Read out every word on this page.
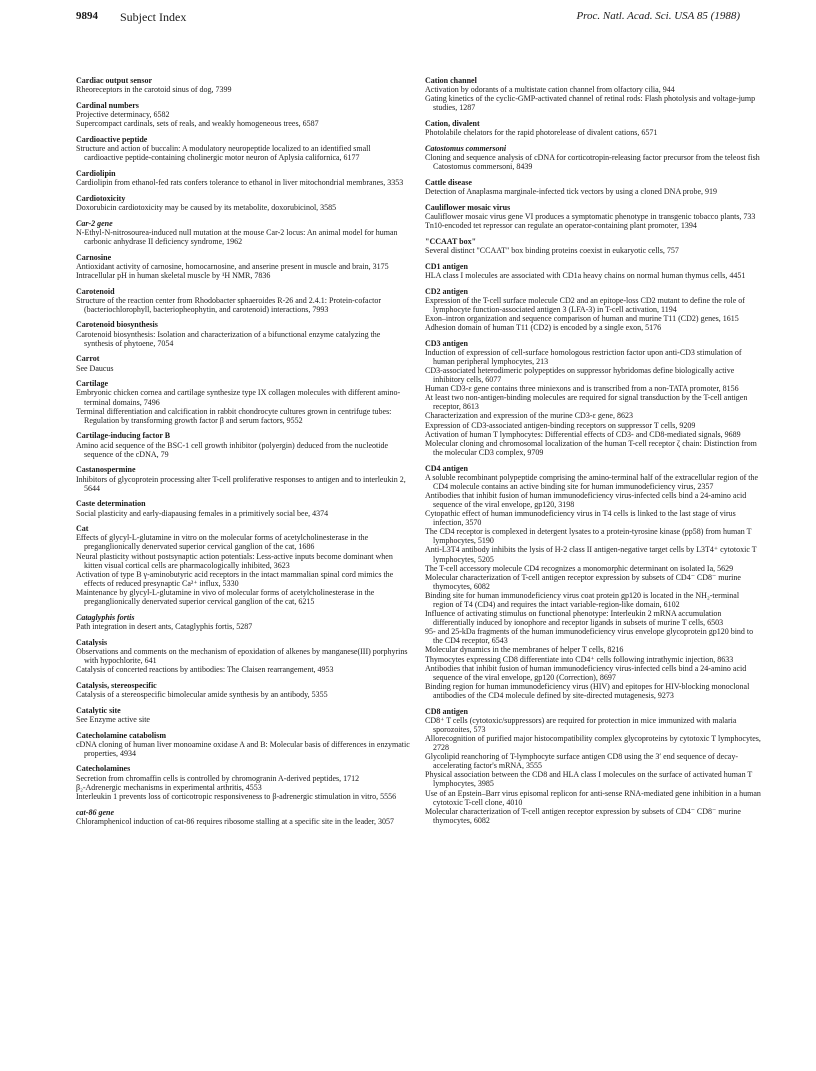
9894 Subject Index	Proc. Natl. Acad. Sci. USA 85 (1988)
Cardiac output sensor
Rheoreceptors in the carotoid sinus of dog, 7399
Cardinal numbers
Projective determinacy, 6582
Supercompact cardinals, sets of reals, and weakly homogeneous trees, 6587
Cardioactive peptide
Structure and action of buccalin: A modulatory neuropeptide localized to an identified small cardioactive peptide-containing cholinergic motor neuron of Aplysia californica, 6177
Cardiolipin
Cardiolipin from ethanol-fed rats confers tolerance to ethanol in liver mitochondrial membranes, 3353
Cardiotoxicity
Doxorubicin cardiotoxicity may be caused by its metabolite, doxorubicinol, 3585
Car-2 gene
N-Ethyl-N-nitrosourea-induced null mutation at the mouse Car-2 locus: An animal model for human carbonic anhydrase II deficiency syndrome, 1962
Carnosine
Antioxidant activity of carnosine, homocarnosine, and anserine present in muscle and brain, 3175
Intracellular pH in human skeletal muscle by ¹H NMR, 7836
Carotenoid
Structure of the reaction center from Rhodobacter sphaeroides R-26 and 2.4.1: Protein-cofactor (bacteriochlorophyll, bacteriopheophytin, and carotenoid) interactions, 7993
Carotenoid biosynthesis
Carotenoid biosynthesis: Isolation and characterization of a bifunctional enzyme catalyzing the synthesis of phytoene, 7054
Carrot
See Daucus
Cartilage
Embryonic chicken cornea and cartilage synthesize type IX collagen molecules with different amino-terminal domains, 7496
Terminal differentiation and calcification in rabbit chondrocyte cultures grown in centrifuge tubes: Regulation by transforming growth factor β and serum factors, 9552
Cartilage-inducing factor B
Amino acid sequence of the BSC-1 cell growth inhibitor (polyergin) deduced from the nucleotide sequence of the cDNA, 79
Castanospermine
Inhibitors of glycoprotein processing alter T-cell proliferative responses to antigen and to interleukin 2, 5644
Caste determination
Social plasticity and early-diapausing females in a primitively social bee, 4374
Cat
Effects of glycyl-L-glutamine in vitro on the molecular forms of acetylcholinesterase in the preganglionically denervated superior cervical ganglion of the cat, 1686
Neural plasticity without postsynaptic action potentials: Less-active inputs become dominant when kitten visual cortical cells are pharmacologically inhibited, 3623
Activation of type B γ-aminobutyric acid receptors in the intact mammalian spinal cord mimics the effects of reduced presynaptic Ca²⁺ influx, 5330
Maintenance by glycyl-L-glutamine in vivo of molecular forms of acetylcholinesterase in the preganglionically denervated superior cervical ganglion of the cat, 6215
Cataglyphis fortis
Path integration in desert ants, Cataglyphis fortis, 5287
Catalysis
Observations and comments on the mechanism of epoxidation of alkenes by manganese(III) porphyrins with hypochlorite, 641
Catalysis of concerted reactions by antibodies: The Claisen rearrangement, 4953
Catalysis, stereospecific
Catalysis of a stereospecific bimolecular amide synthesis by an antibody, 5355
Catalytic site
See Enzyme active site
Catecholamine catabolism
cDNA cloning of human liver monoamine oxidase A and B: Molecular basis of differences in enzymatic properties, 4934
Catecholamines
Secretion from chromaffin cells is controlled by chromogranin A-derived peptides, 1712
β₂-Adrenergic mechanisms in experimental arthritis, 4553
Interleukin 1 prevents loss of corticotropic responsiveness to β-adrenergic stimulation in vitro, 5556
cat-86 gene
Chloramphenicol induction of cat-86 requires ribosome stalling at a specific site in the leader, 3057
Cation channel
Activation by odorants of a multistate cation channel from olfactory cilia, 944
Gating kinetics of the cyclic-GMP-activated channel of retinal rods: Flash photolysis and voltage-jump studies, 1287
Cation, divalent
Photolabile chelators for the rapid photorelease of divalent cations, 6571
Catostomus commersoni
Cloning and sequence analysis of cDNA for corticotropin-releasing factor precursor from the teleost fish Catostomus commersoni, 8439
Cattle disease
Detection of Anaplasma marginale-infected tick vectors by using a cloned DNA probe, 919
Cauliflower mosaic virus
Cauliflower mosaic virus gene VI produces a symptomatic phenotype in transgenic tobacco plants, 733
Tn10-encoded tet repressor can regulate an operator-containing plant promoter, 1394
"CCAAT box"
Several distinct "CCAAT" box binding proteins coexist in eukaryotic cells, 757
CD1 antigen
HLA class I molecules are associated with CD1a heavy chains on normal human thymus cells, 4451
CD2 antigen
Expression of the T-cell surface molecule CD2 and an epitope-loss CD2 mutant to define the role of lymphocyte function-associated antigen 3 (LFA-3) in T-cell activation, 1194
Exon–intron organization and sequence comparison of human and murine T11 (CD2) genes, 1615
Adhesion domain of human T11 (CD2) is encoded by a single exon, 5176
CD3 antigen
Induction of expression of cell-surface homologous restriction factor upon anti-CD3 stimulation of human peripheral lymphocytes, 213
CD3-associated heterodimeric polypeptides on suppressor hybridomas define biologically active inhibitory cells, 6077
Human CD3-ε gene contains three miniexons and is transcribed from a non-TATA promoter, 8156
At least two non-antigen-binding molecules are required for signal transduction by the T-cell antigen receptor, 8613
Characterization and expression of the murine CD3-ε gene, 8623
Expression of CD3-associated antigen-binding receptors on suppressor T cells, 9209
Activation of human T lymphocytes: Differential effects of CD3- and CD8-mediated signals, 9689
Molecular cloning and chromosomal localization of the human T-cell receptor ζ chain: Distinction from the molecular CD3 complex, 9709
CD4 antigen
A soluble recombinant polypeptide comprising the amino-terminal half of the extracellular region of the CD4 molecule contains an active binding site for human immunodeficiency virus, 2357
Antibodies that inhibit fusion of human immunodeficiency virus-infected cells bind a 24-amino acid sequence of the viral envelope, gp120, 3198
Cytopathic effect of human immunodeficiency virus in T4 cells is linked to the last stage of virus infection, 3570
The CD4 receptor is complexed in detergent lysates to a protein-tyrosine kinase (pp58) from human T lymphocytes, 5190
Anti-L3T4 antibody inhibits the lysis of H-2 class II antigen-negative target cells by L3T4⁺ cytotoxic T lymphocytes, 5205
The T-cell accessory molecule CD4 recognizes a monomorphic determinant on isolated Ia, 5629
Molecular characterization of T-cell antigen receptor expression by subsets of CD4⁻ CD8⁻ murine thymocytes, 6082
Binding site for human immunodeficiency virus coat protein gp120 is located in the NH₂-terminal region of T4 (CD4) and requires the intact variable-region-like domain, 6102
Influence of activating stimulus on functional phenotype: Interleukin 2 mRNA accumulation differentially induced by ionophore and receptor ligands in subsets of murine T cells, 6503
95- and 25-kDa fragments of the human immunodeficiency virus envelope glycoprotein gp120 bind to the CD4 receptor, 6543
Molecular dynamics in the membranes of helper T cells, 8216
Thymocytes expressing CD8 differentiate into CD4⁺ cells following intrathymic injection, 8633
Antibodies that inhibit fusion of human immunodeficiency virus-infected cells bind a 24-amino acid sequence of the viral envelope, gp120 (Correction), 8697
Binding region for human immunodeficiency virus (HIV) and epitopes for HIV-blocking monoclonal antibodies of the CD4 molecule defined by site-directed mutagenesis, 9273
CD8 antigen
CD8⁺ T cells (cytotoxic/suppressors) are required for protection in mice immunized with malaria sporozoites, 573
Allorecognition of purified major histocompatibility complex glycoproteins by cytotoxic T lymphocytes, 2728
Glycolipid reanchoring of T-lymphocyte surface antigen CD8 using the 3′ end sequence of decay-accelerating factor's mRNA, 3555
Physical association between the CD8 and HLA class I molecules on the surface of activated human T lymphocytes, 3985
Use of an Epstein–Barr virus episomal replicon for anti-sense RNA-mediated gene inhibition in a human cytotoxic T-cell clone, 4010
Molecular characterization of T-cell antigen receptor expression by subsets of CD4⁻ CD8⁻ murine thymocytes, 6082
